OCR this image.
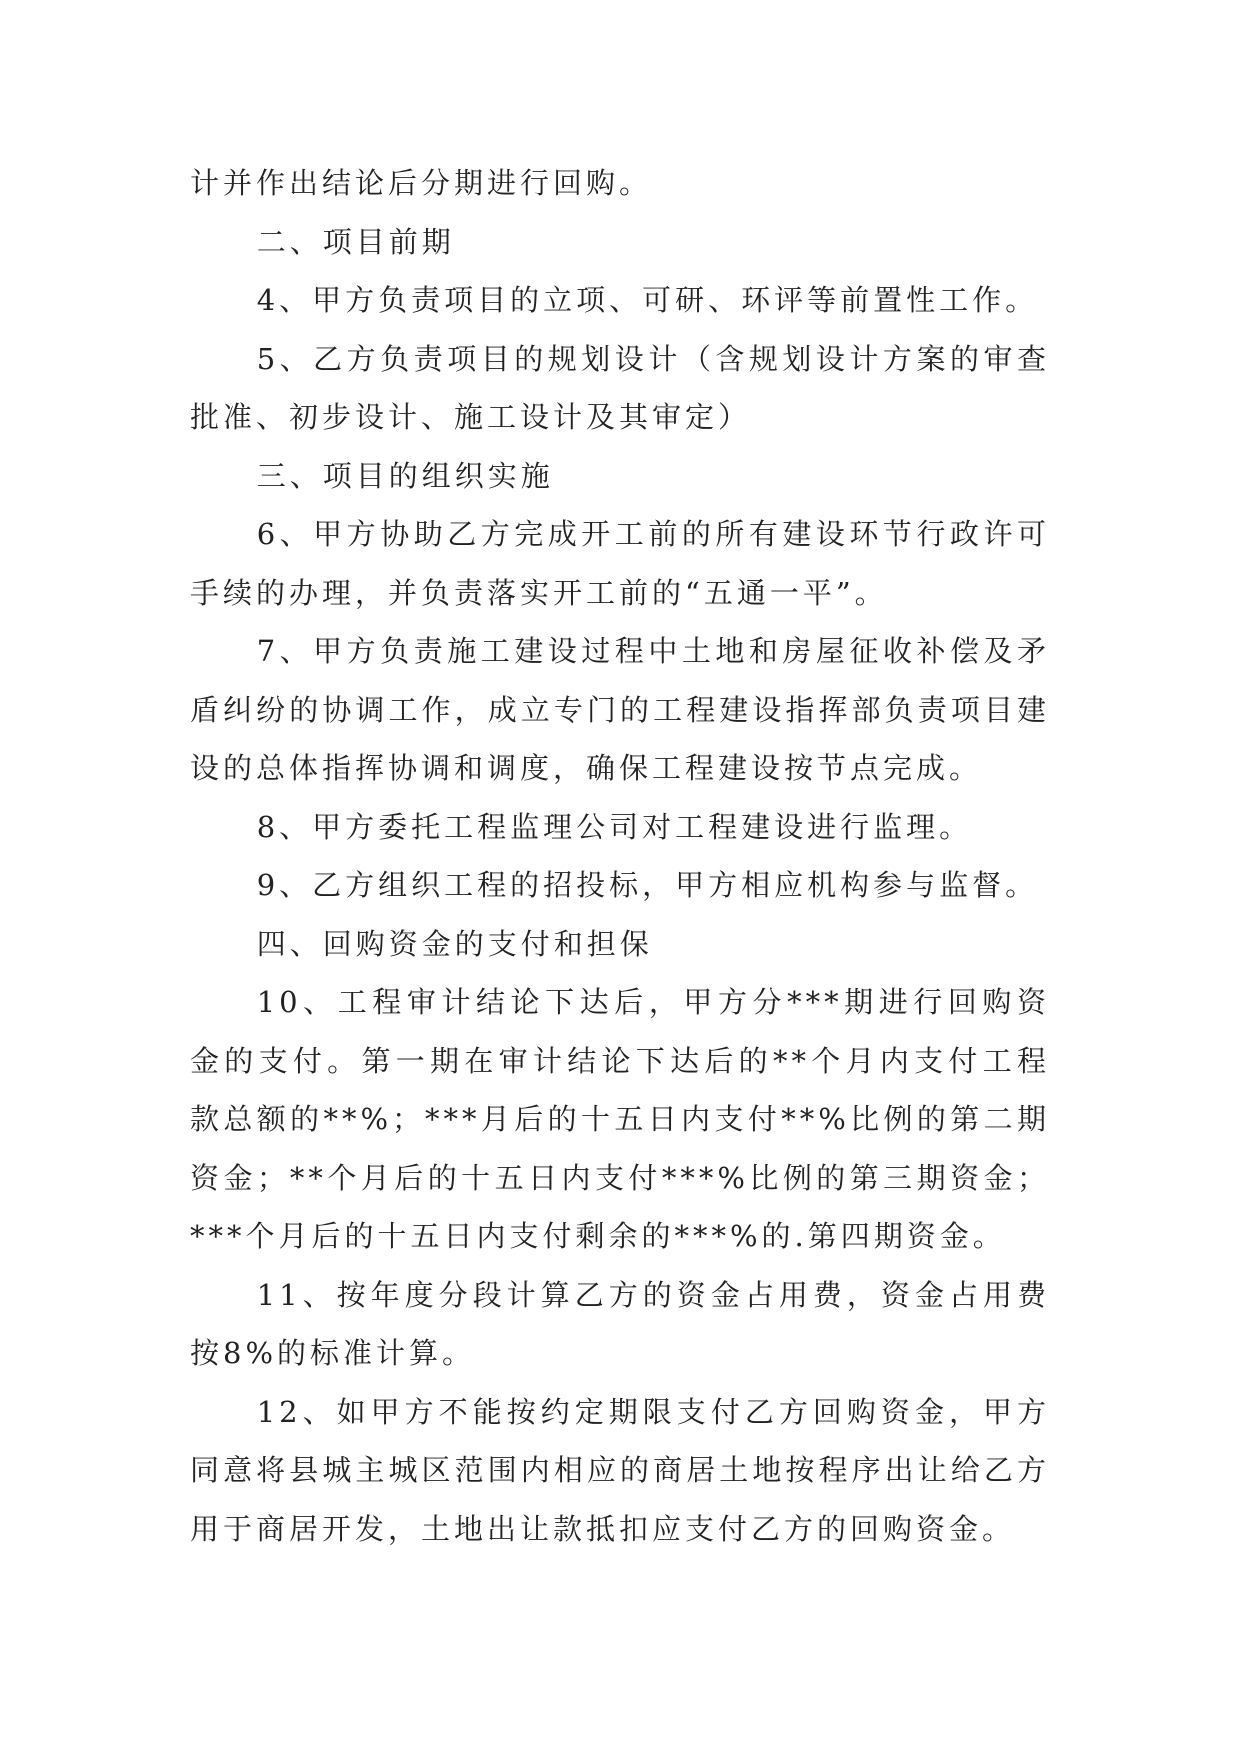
计并作出结论后分期进行回购。

二、项目前期

4、甲方负责项目的立项、可研、环评等前置性工作。

5、乙方负责项目的规划设计（含规划设计方案的审查批准、初步设计、施工设计及其审定）

三、项目的组织实施

6、甲方协助乙方完成开工前的所有建设环节行政许可手续的办理，并负责落实开工前的“五通一平”。

7、甲方负责施工建设过程中土地和房屋征收补偿及矛盾纠纷的协调工作，成立专门的工程建设指挥部负责项目建设的总体指挥协调和调度，确保工程建设按节点完成。

8、甲方委托工程监理公司对工程建设进行监理。

9、乙方组织工程的招投标，甲方相应机构参与监督。

四、回购资金的支付和担保

10、工程审计结论下达后，甲方分***期进行回购资金的支付。第一期在审计结论下达后的**个月内支付工程款总额的**%；***月后的十五日内支付**%比例的第二期资金；**个月后的十五日内支付***%比例的第三期资金；***个月后的十五日内支付剩余的***%的.第四期资金。

11、按年度分段计算乙方的资金占用费，资金占用费按8%的标准计算。

12、如甲方不能按约定期限支付乙方回购资金，甲方同意将县城主城区范围内相应的商居土地按程序出让给乙方用于商居开发，土地出让款抵扣应支付乙方的回购资金。
